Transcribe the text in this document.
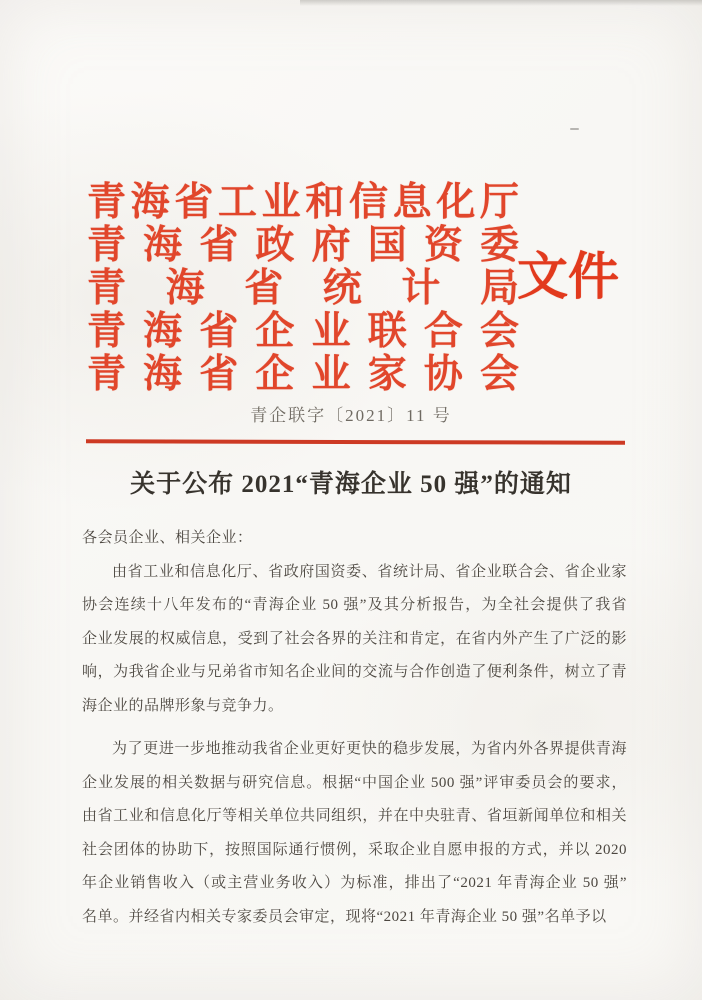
青海省工业和信息化厅
青海省政府国资委
青海省统计局
青海省企业联合会
青海省企业家协会
文件
青企联字〔2021〕11 号
关于公布 2021“青海企业 50 强”的通知
各会员企业、相关企业：
由省工业和信息化厅、省政府国资委、省统计局、省企业联合会、省企业家
协会连续十八年发布的“青海企业 50 强”及其分析报告，为全社会提供了我省
企业发展的权威信息，受到了社会各界的关注和肯定，在省内外产生了广泛的影
响，为我省企业与兄弟省市知名企业间的交流与合作创造了便利条件，树立了青
海企业的品牌形象与竞争力。
为了更进一步地推动我省企业更好更快的稳步发展，为省内外各界提供青海
企业发展的相关数据与研究信息。根据“中国企业 500 强”评审委员会的要求，
由省工业和信息化厅等相关单位共同组织，并在中央驻青、省垣新闻单位和相关
社会团体的协助下，按照国际通行惯例，采取企业自愿申报的方式，并以 2020
年企业销售收入（或主营业务收入）为标准，排出了“2021 年青海企业 50 强”
名单。并经省内相关专家委员会审定，现将“2021 年青海企业 50 强”名单予以
